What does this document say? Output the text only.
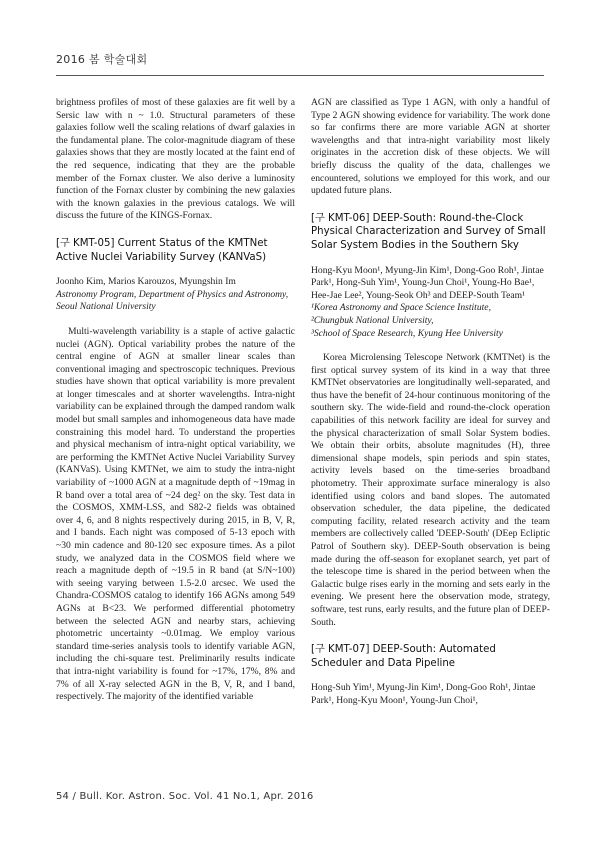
2016 봄 학술대회

brightness profiles of most of these galaxies are fit well by a Sersic law with n ~ 1.0. Structural parameters of these galaxies follow well the scaling relations of dwarf galaxies in the fundamental plane. The color-magnitude diagram of these galaxies shows that they are mostly located at the faint end of the red sequence, indicating that they are the probable member of the Fornax cluster. We also derive a luminosity function of the Fornax cluster by combining the new galaxies with the known galaxies in the previous catalogs. We will discuss the future of the KINGS-Fornax.

[구 KMT-05] Current Status of the KMTNet Active Nuclei Variability Survey (KANVaS)

Joonho Kim, Marios Karouzos, Myungshin Im

Astronomy Program, Department of Physics and Astronomy, Seoul National University

Multi-wavelength variability is a staple of active galactic nuclei (AGN). Optical variability probes the nature of the central engine of AGN at smaller linear scales than conventional imaging and spectroscopic techniques. Previous studies have shown that optical variability is more prevalent at longer timescales and at shorter wavelengths. Intra-night variability can be explained through the damped random walk model but small samples and inhomogeneous data have made constraining this model hard. To understand the properties and physical mechanism of intra-night optical variability, we are performing the KMTNet Active Nuclei Variability Survey (KANVaS). Using KMTNet, we aim to study the intra-night variability of ~1000 AGN at a magnitude depth of ~19mag in R band over a total area of ~24 deg² on the sky. Test data in the COSMOS, XMM-LSS, and S82-2 fields was obtained over 4, 6, and 8 nights respectively during 2015, in B, V, R, and I bands. Each night was composed of 5-13 epoch with ~30 min cadence and 80-120 sec exposure times. As a pilot study, we analyzed data in the COSMOS field where we reach a magnitude depth of ~19.5 in R band (at S/N~100) with seeing varying between 1.5-2.0 arcsec. We used the Chandra-COSMOS catalog to identify 166 AGNs among 549 AGNs at B<23. We performed differential photometry between the selected AGN and nearby stars, achieving photometric uncertainty ~0.01mag. We employ various standard time-series analysis tools to identify variable AGN, including the chi-square test. Preliminarily results indicate that intra-night variability is found for ~17%, 17%, 8% and 7% of all X-ray selected AGN in the B, V, R, and I band, respectively. The majority of the identified variable

AGN are classified as Type 1 AGN, with only a handful of Type 2 AGN showing evidence for variability. The work done so far confirms there are more variable AGN at shorter wavelengths and that intra-night variability most likely originates in the accretion disk of these objects. We will briefly discuss the quality of the data, challenges we encountered, solutions we employed for this work, and our updated future plans.

[구 KMT-06] DEEP-South: Round-the-Clock Physical Characterization and Survey of Small Solar System Bodies in the Southern Sky

Hong-Kyu Moon¹, Myung-Jin Kim¹, Dong-Goo Roh¹, Jintae Park¹, Hong-Suh Yim¹, Young-Jun Choi¹, Young-Ho Bae¹, Hee-Jae Lee², Young-Seok Oh³ and DEEP-South Team¹

¹Korea Astronomy and Space Science Institute,

²Chungbuk National University,

³School of Space Research, Kyung Hee University

Korea Microlensing Telescope Network (KMTNet) is the first optical survey system of its kind in a way that three KMTNet observatories are longitudinally well-separated, and thus have the benefit of 24-hour continuous monitoring of the southern sky. The wide-field and round-the-clock operation capabilities of this network facility are ideal for survey and the physical characterization of small Solar System bodies. We obtain their orbits, absolute magnitudes (H), three dimensional shape models, spin periods and spin states, activity levels based on the time-series broadband photometry. Their approximate surface mineralogy is also identified using colors and band slopes. The automated observation scheduler, the data pipeline, the dedicated computing facility, related research activity and the team members are collectively called 'DEEP-South' (DEep Ecliptic Patrol of Southern sky). DEEP-South observation is being made during the off-season for exoplanet search, yet part of the telescope time is shared in the period between when the Galactic bulge rises early in the morning and sets early in the evening. We present here the observation mode, strategy, software, test runs, early results, and the future plan of DEEP-South.

[구 KMT-07] DEEP-South: Automated Scheduler and Data Pipeline

Hong-Suh Yim¹, Myung-Jin Kim¹, Dong-Goo Roh¹, Jintae Park¹, Hong-Kyu Moon¹, Young-Jun Choi¹,

54 / Bull. Kor. Astron. Soc. Vol. 41 No.1, Apr. 2016
